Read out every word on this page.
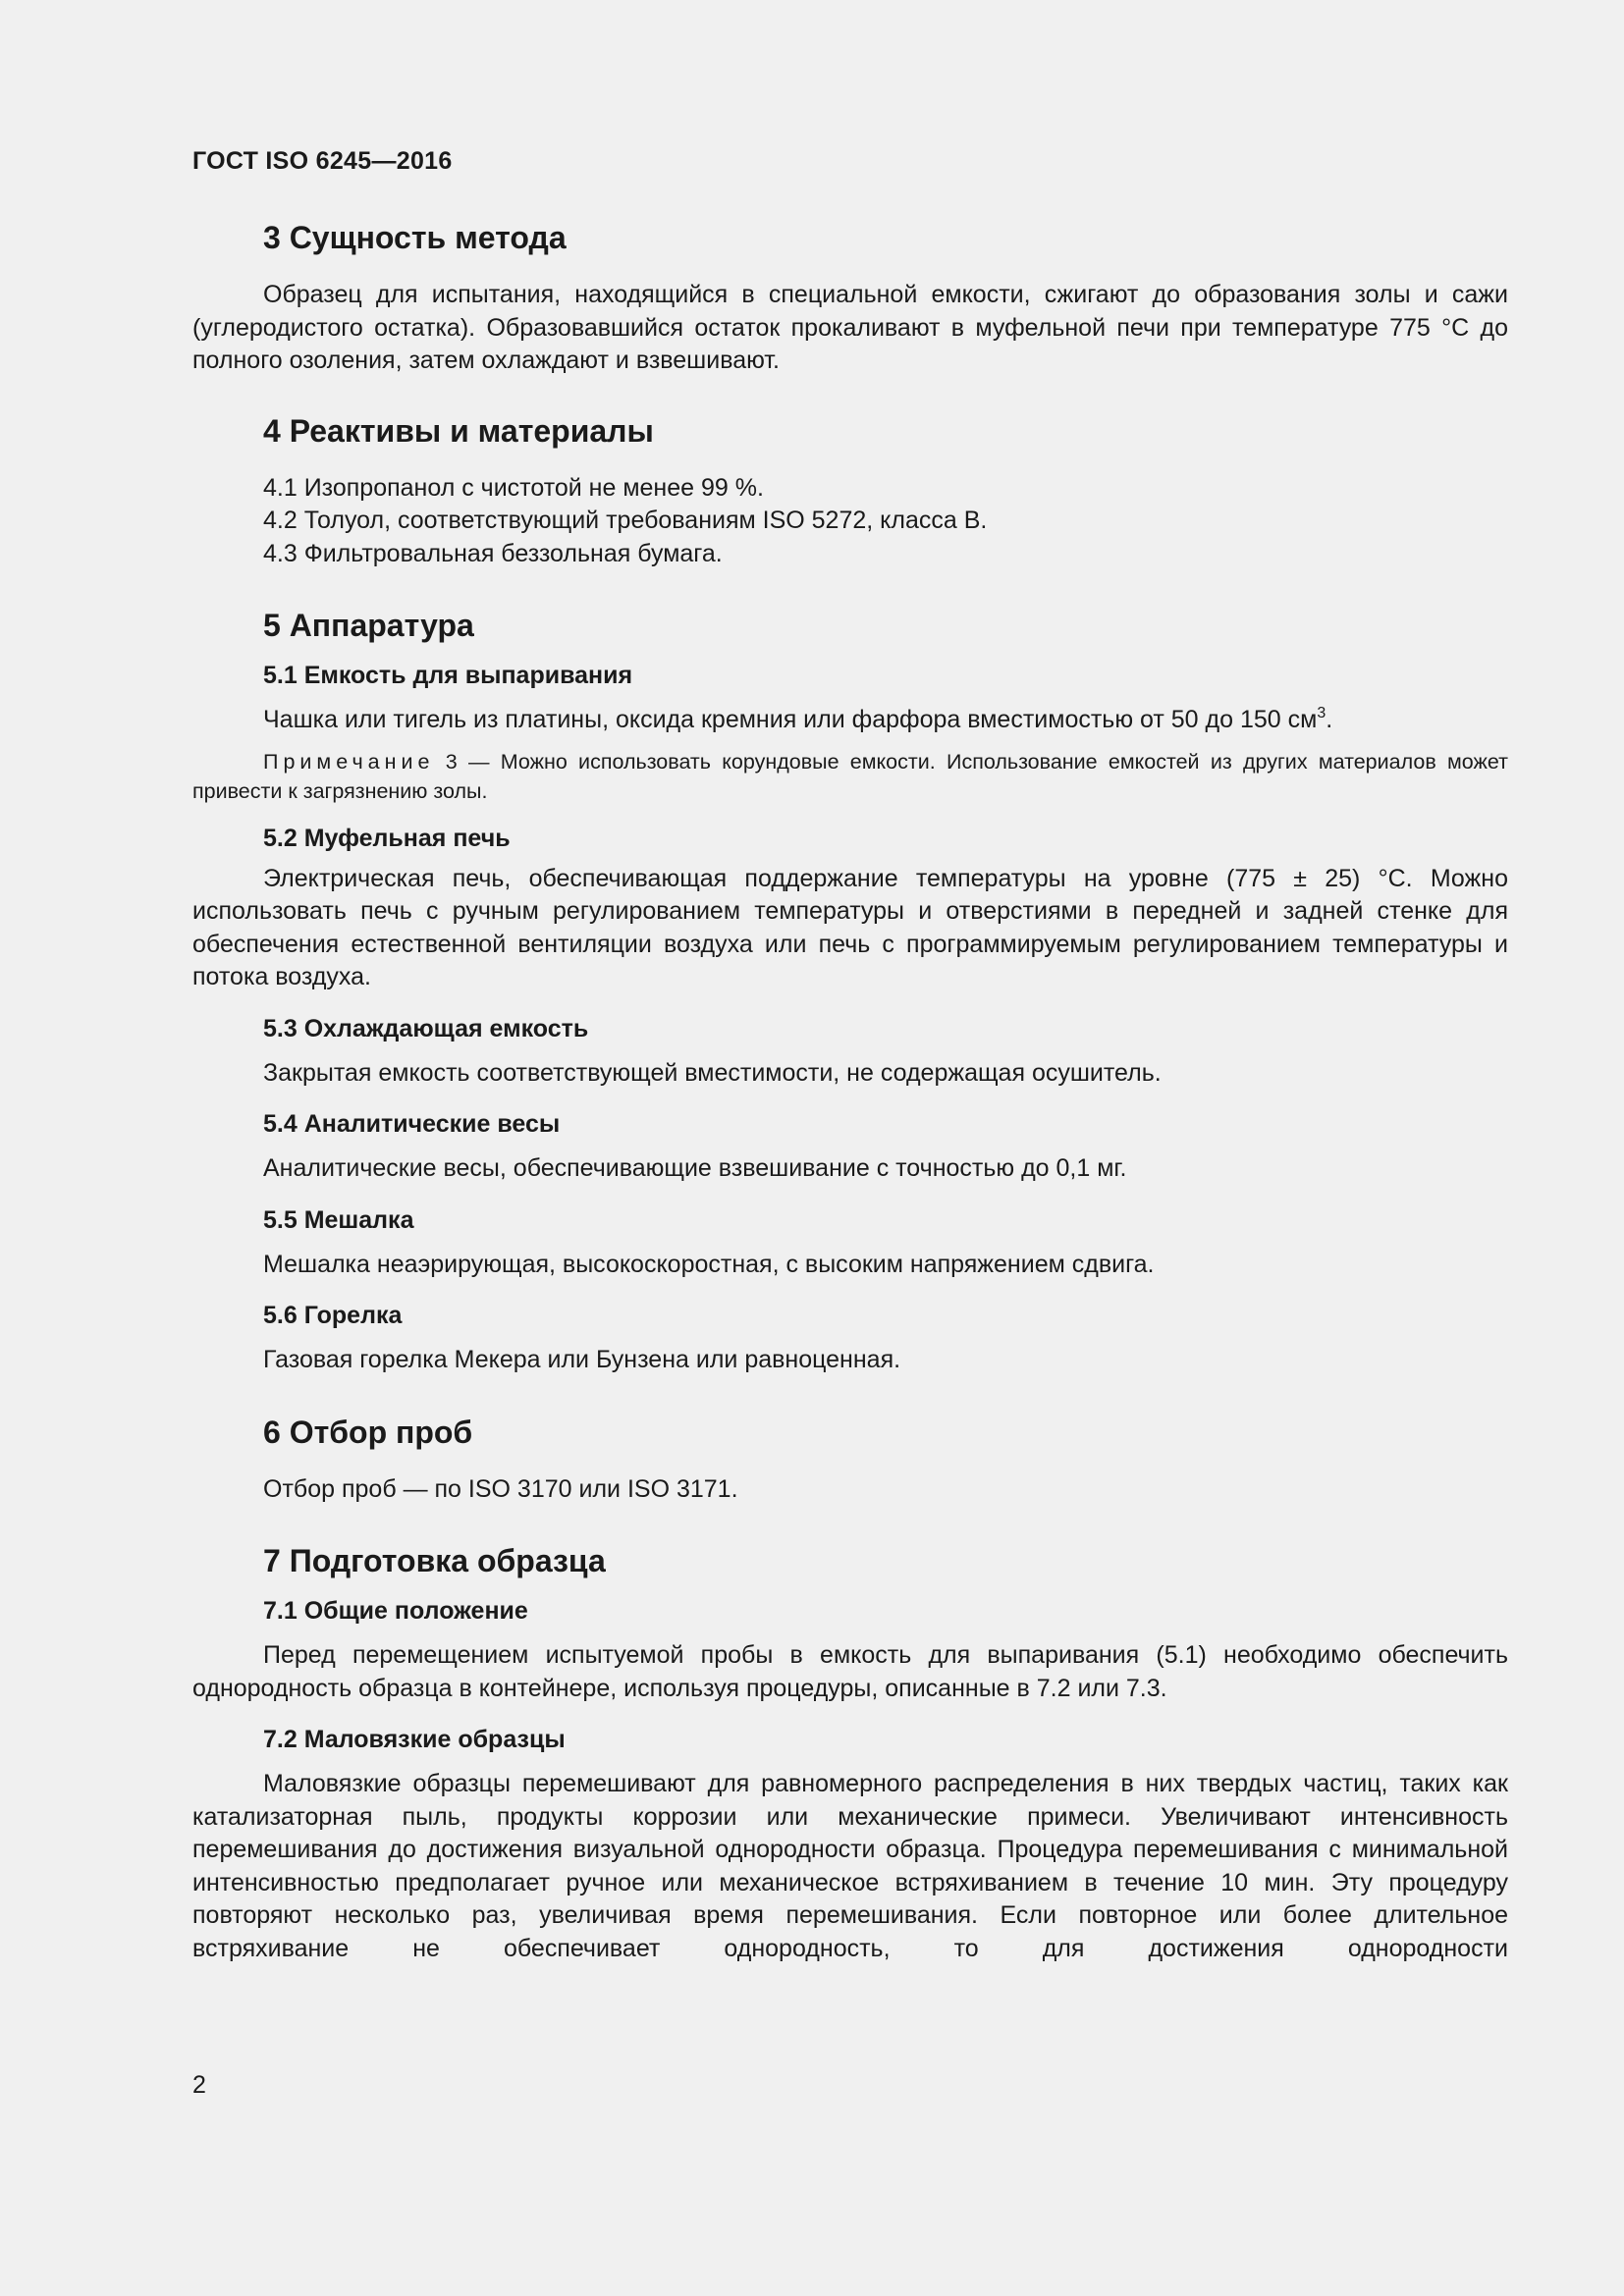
ГОСТ ISO 6245—2016
3 Сущность метода

Образец для испытания, находящийся в специальной емкости, сжигают до образования золы и сажи (углеродистого остатка). Образовавшийся остаток прокаливают в муфельной печи при температуре 775 °С до полного озоления, затем охлаждают и взвешивают.

4 Реактивы и материалы
4.1 Изопропанол с чистотой не менее 99 %.
4.2 Толуол, соответствующий требованиям ISO 5272, класса В.
4.3 Фильтровальная беззольная бумага.
5 Аппаратура
5.1 Емкость для выпаривания

Чашка или тигель из платины, оксида кремния или фарфора вместимостью от 50 до 150 $см^3$.

Примечание 3 — Можно использовать корундовые емкости. Использование емкостей из других материалов может привести к загрязнению золы.

5.2 Муфельная печь

Электрическая печь, обеспечивающая поддержание температуры на уровне (775 ± 25) °С. Можно использовать печь с ручным регулированием температуры и отверстиями в передней и задней стенке для обеспечения естественной вентиляции воздуха или печь с программируемым регулированием температуры и потока воздуха.

5.3 Охлаждающая емкость

Закрытая емкость соответствующей вместимости, не содержащая осушитель.

5.4 Аналитические весы

Аналитические весы, обеспечивающие взвешивание с точностью до 0,1 мг.

5.5 Мешалка

Мешалка неаэрирующая, высокоскоростная, с высоким напряжением сдвига.

5.6 Горелка

Газовая горелка Мекера или Бунзена или равноценная.

6 Отбор проб

Отбор проб — по ISO 3170 или ISO 3171.

7 Подготовка образца
7.1 Общие положение

Перед перемещением испытуемой пробы в емкость для выпаривания (5.1) необходимо обеспечить однородность образца в контейнере, используя процедуры, описанные в 7.2 или 7.3.

7.2 Маловязкие образцы

Маловязкие образцы перемешивают для равномерного распределения в них твердых частиц, таких как катализаторная пыль, продукты коррозии или механические примеси. Увеличивают интенсивность перемешивания до достижения визуальной однородности образца. Процедура перемешивания с минимальной интенсивностью предполагает ручное или механическое встряхиванием в течение 10 мин. Эту процедуру повторяют несколько раз, увеличивая время перемешивания. Если повторное или более длительное встряхивание не обеспечивает однородность, то для достижения однородности

2
